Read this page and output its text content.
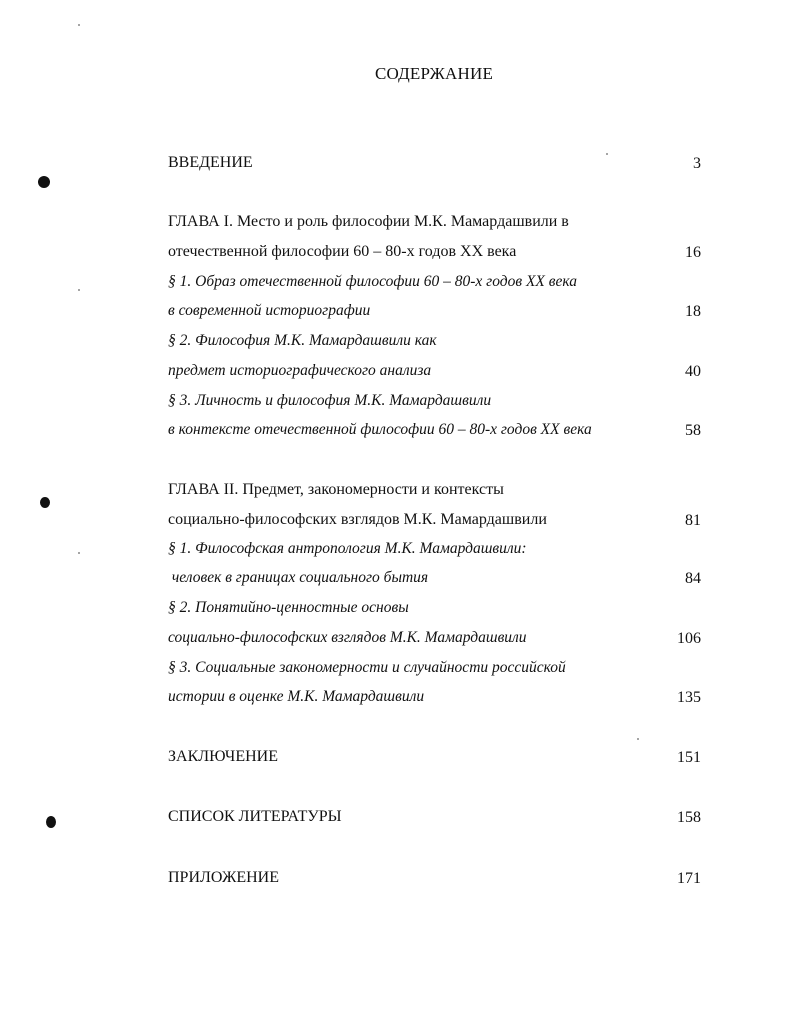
СОДЕРЖАНИЕ
ВВЕДЕНИЕ	3
ГЛАВА I. Место и роль философии М.К. Мамардашвили в
отечественной философии 60 – 80-х годов XX века	16
§ 1. Образ отечественной философии 60 – 80-х годов XX века
в современной историографии	18
§ 2. Философия М.К. Мамардашвили как
предмет историографического анализа	40
§ 3. Личность и философия М.К. Мамардашвили
в контексте отечественной философии 60 – 80-х годов XX века	58
ГЛАВА II. Предмет, закономерности и контексты
социально-философских взглядов М.К. Мамардашвили	81
§ 1. Философская антропология М.К. Мамардашвили:
человек в границах социального бытия	84
§ 2. Понятийно-ценностные основы
социально-философских взглядов М.К. Мамардашвили	106
§ 3. Социальные закономерности и случайности российской
истории в оценке М.К. Мамардашвили	135
ЗАКЛЮЧЕНИЕ	151
СПИСОК ЛИТЕРАТУРЫ	158
ПРИЛОЖЕНИЕ	171
